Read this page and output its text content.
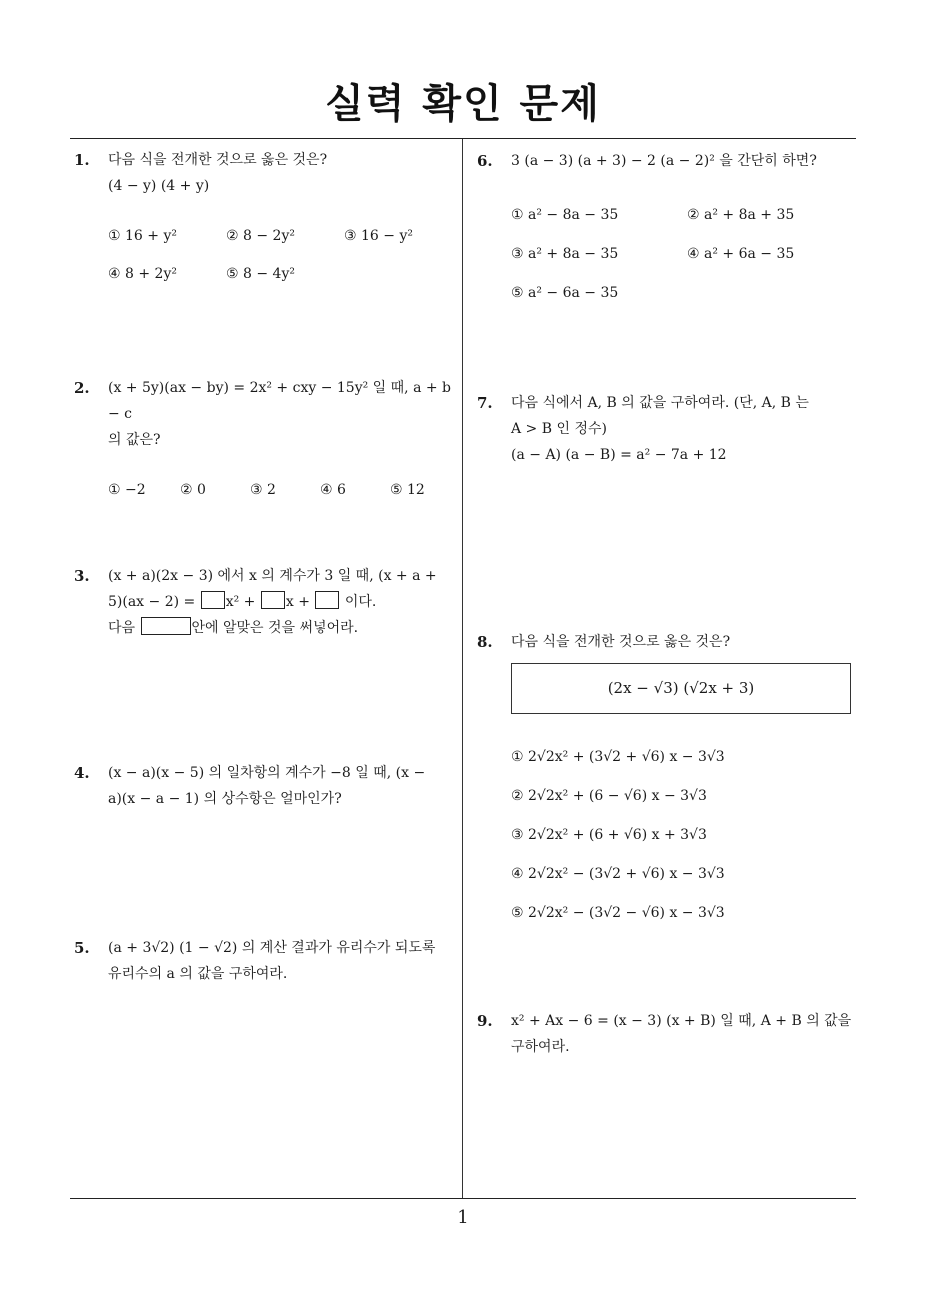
실력 확인 문제
1. 다음 식을 전개한 것으로 옳은 것은?

(4 − y) (4 + y)

① 16 + y²	② 8 − 2y²	③ 16 − y²
④ 8 + 2y²	⑤ 8 − 4y²
2. (x + 5y)(ax − by) = 2x² + cxy − 15y² 일 때, a + b − c

의 값은?

① −2 ② 0	③ 2	④ 6	⑤ 12
3. (x + a)(2x − 3) 에서 x 의 계수가 3 일 때, (x + a +

5)(ax − 2) = x² + x + 이다.

다음	안에 알맞은 것을 써넣어라.

4. (x − a)(x − 5) 의 일차항의 계수가 −8 일 때, (x −

a)(x − a − 1) 의 상수항은 얼마인가?

5. (a + 3√2) (1 − √2) 의 계산 결과가 유리수가 되도록

유리수의 a 의 값을 구하여라.

6. 3 (a − 3) (a + 3) − 2 (a − 2)² 을 간단히 하면?

① a² − 8a − 35	② a² + 8a + 35
③ a² + 8a − 35	④ a² + 6a − 35
⑤ a² − 6a − 35
7. 다음 식에서 A, B 의 값을 구하여라. (단, A, B 는

A > B 인 정수)

(a − A) (a − B) = a² − 7a + 12

8. 다음 식을 전개한 것으로 옳은 것은?

(2x − √3) (√2x + 3)
① 2√2x² + (3√2 + √6) x − 3√3
② 2√2x² + (6 − √6) x − 3√3
③ 2√2x² + (6 + √6) x + 3√3
④ 2√2x² − (3√2 + √6) x − 3√3
⑤ 2√2x² − (3√2 − √6) x − 3√3
9. x² + Ax − 6 = (x − 3) (x + B) 일 때, A + B 의 값을

구하여라.

1
